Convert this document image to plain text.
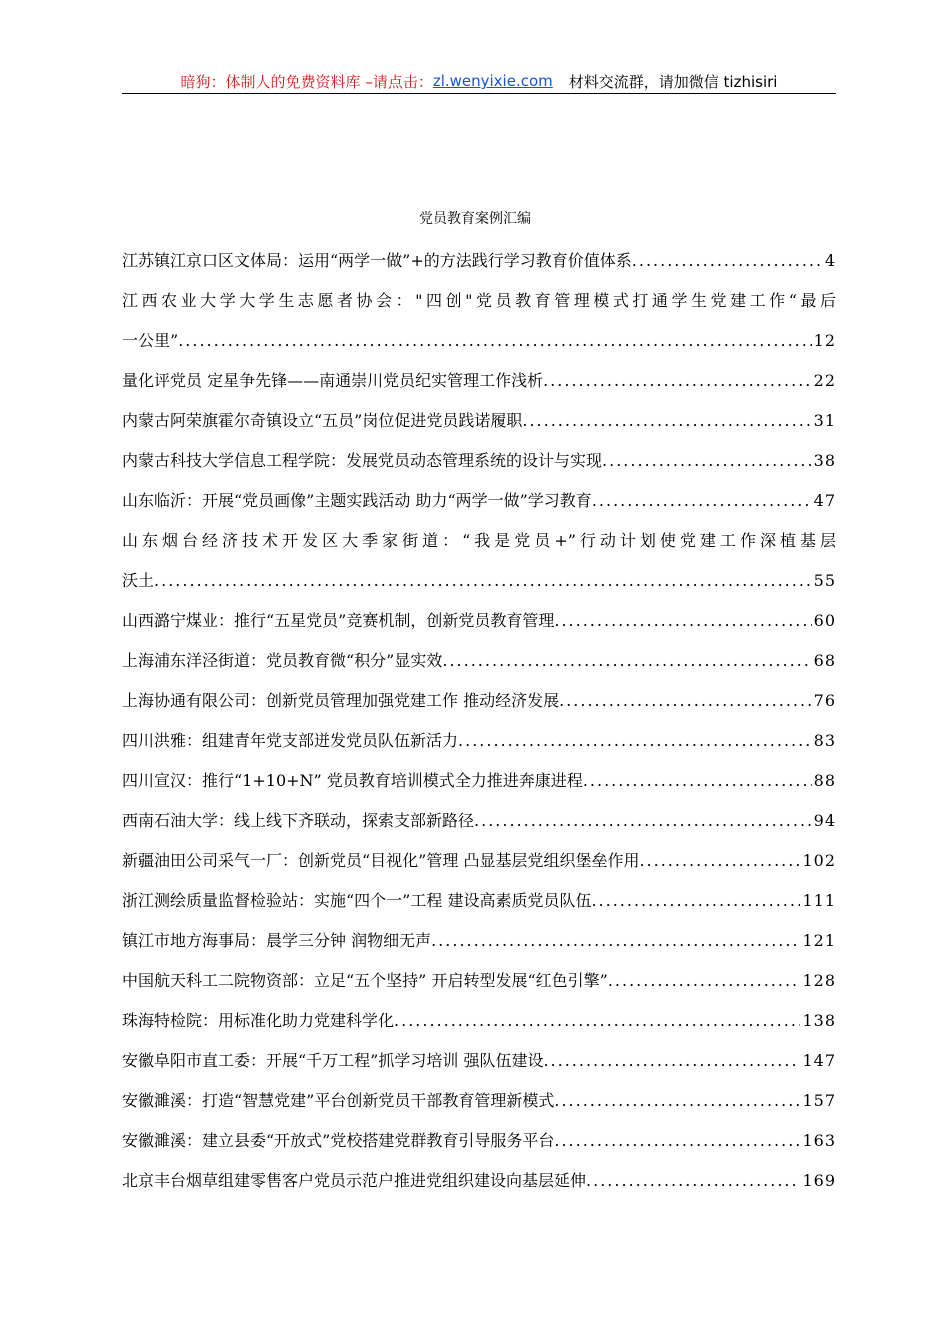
暗狗：体制人的免费资料库 –请点击： zl.wenyixie.com 材料交流群，请加微信 tizhisiri
党员教育案例汇编
江苏镇江京口区文体局：运用“两学一做”+的方法践行学习教育价值体系 .....	4
江西农业大学大学生志愿者协会："四创"党员教育管理模式打通学生党建工作“最后
一公里” .....	12
量化评党员 定星争先锋——南通崇川党员纪实管理工作浅析 .....	22
内蒙古阿荣旗霍尔奇镇设立“五员”岗位促进党员践诺履职 .....	31
内蒙古科技大学信息工程学院：发展党员动态管理系统的设计与实现 .....	38
山东临沂：开展“党员画像”主题实践活动 助力“两学一做”学习教育 .....	47
山东烟台经济技术开发区大季家街道：“我是党员+”行动计划使党建工作深植基层
沃土 .....	55
山西潞宁煤业：推行“五星党员”竞赛机制，创新党员教育管理 .....	60
上海浦东洋泾街道：党员教育微“积分”显实效 .....	68
上海协通有限公司：创新党员管理加强党建工作 推动经济发展 .....	76
四川洪雅：组建青年党支部迸发党员队伍新活力 .....	83
四川宣汉：推行“1+10+N” 党员教育培训模式全力推进奔康进程 .....	88
西南石油大学：线上线下齐联动，探索支部新路径 .....	94
新疆油田公司采气一厂：创新党员“目视化”管理 凸显基层党组织堡垒作用 .....	102
浙江测绘质量监督检验站：实施“四个一”工程 建设高素质党员队伍 .....	111
镇江市地方海事局：晨学三分钟 润物细无声 .....	121
中国航天科工二院物资部：立足“五个坚持” 开启转型发展“红色引擎” .....	128
珠海特检院：用标准化助力党建科学化 .....	138
安徽阜阳市直工委：开展“千万工程”抓学习培训 强队伍建设 .....	147
安徽濉溪：打造“智慧党建”平台创新党员干部教育管理新模式 .....	157
安徽濉溪：建立县委“开放式”党校搭建党群教育引导服务平台 .....	163
北京丰台烟草组建零售客户党员示范户推进党组织建设向基层延伸 .....	169
